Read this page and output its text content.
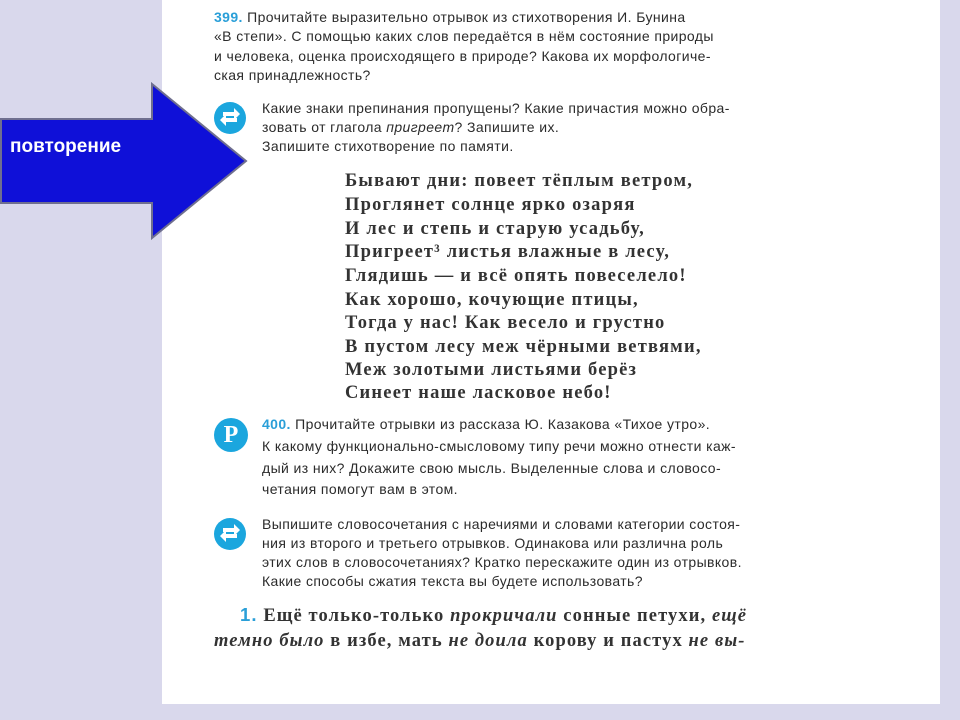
повторение
399. Прочитайте выразительно отрывок из стихотворения И. Бунина
«В степи». С помощью каких слов передаётся в нём состояние природы
и человека, оценка происходящего в природе? Какова их морфологиче-
ская принадлежность?
Какие знаки препинания пропущены? Какие причастия можно обра-
зовать от глагола пригреет? Запишите их.
Запишите стихотворение по памяти.
Бывают дни: повеет тёплым ветром,
Проглянет солнце ярко озаряя
И лес и степь и старую усадьбу,
Пригреет³ листья влажные в лесу,
Глядишь — и всё опять повеселело!
Как хорошо, кочующие птицы,
Тогда у нас! Как весело и грустно
В пустом лесу меж чёрными ветвями,
Меж золотыми листьями берёз
Синеет наше ласковое небо!
Р	400. Прочитайте отрывки из рассказа Ю. Казакова «Тихое утро».
К какому функционально-смысловому типу речи можно отнести каж-
дый из них? Докажите свою мысль. Выделенные слова и словосо-
четания помогут вам в этом.
Выпишите словосочетания с наречиями и словами категории состоя-
ния из второго и третьего отрывков. Одинакова или различна роль
этих слов в словосочетаниях? Кратко перескажите один из отрывков.
Какие способы сжатия текста вы будете использовать?
1. Ещё только-только прокричали сонные петухи, ещё
темно было в избе, мать не доила корову и пастух не вы-
